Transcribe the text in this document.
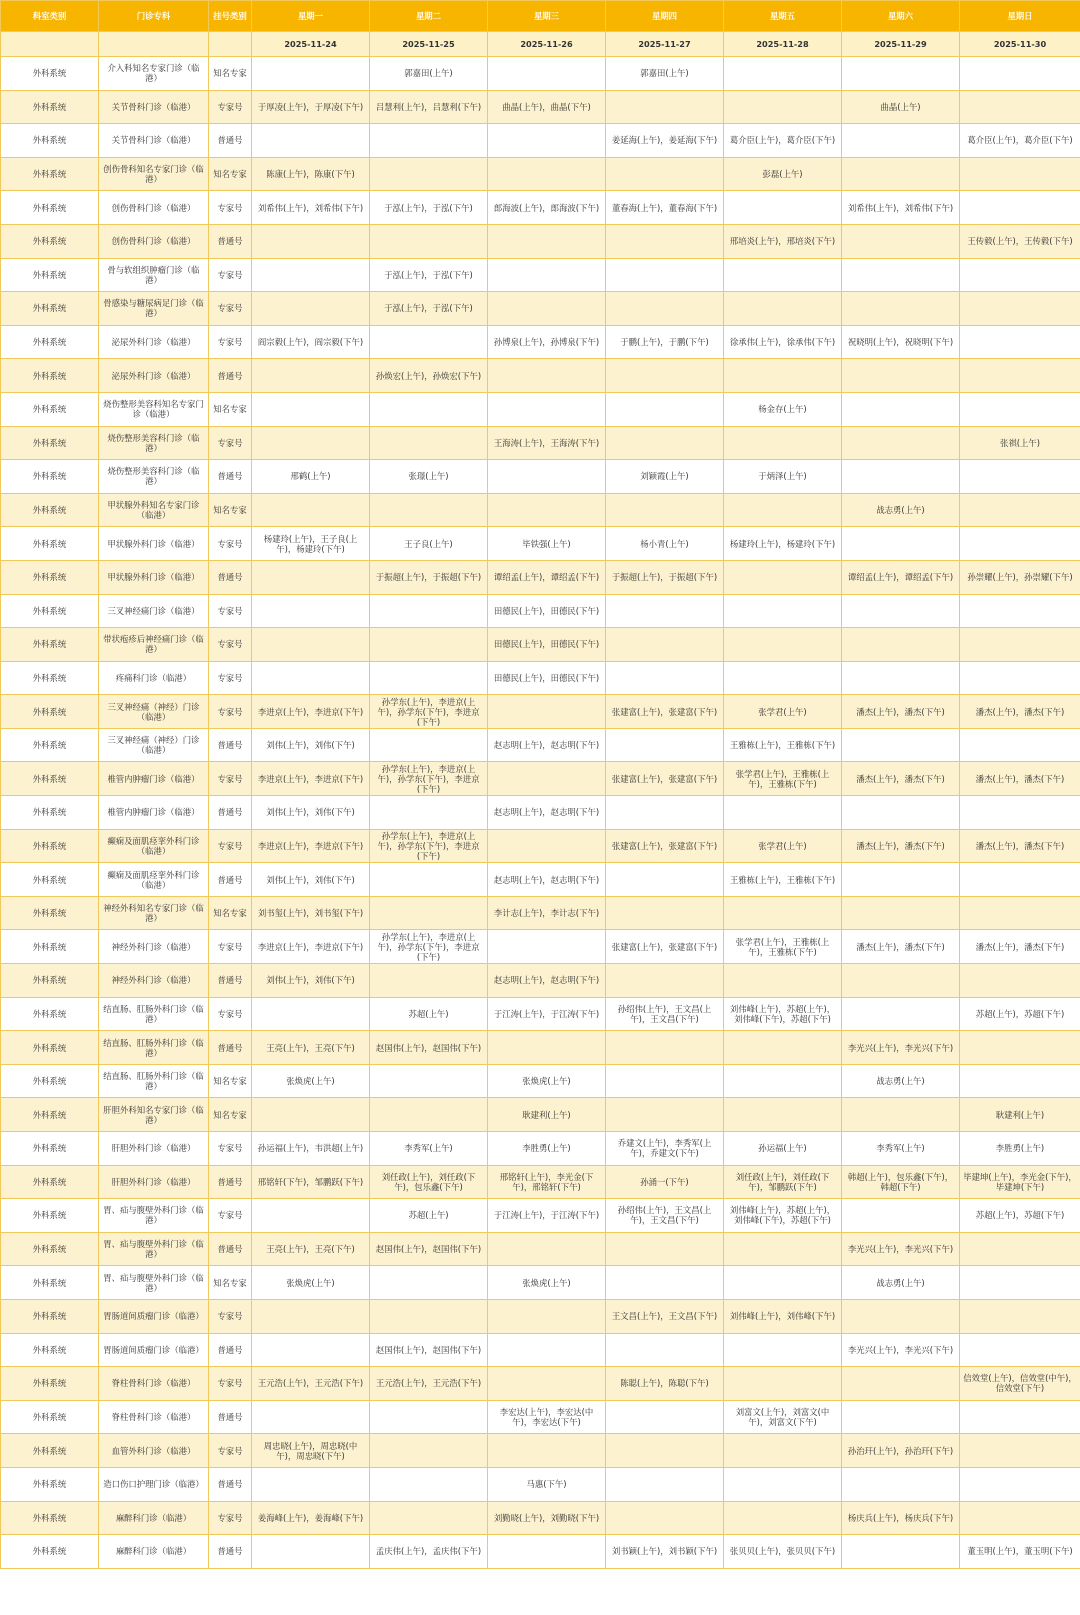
科室类别	门诊专科	挂号类别	星期一	星期二	星期三	星期四	星期五	星期六	星期日
			2025-11-24	2025-11-25	2025-11-26	2025-11-27	2025-11-28	2025-11-29	2025-11-30
外科系统	介入科知名专家门诊（临港）	知名专家		郭嘉田(上午)		郭嘉田(上午)			
外科系统	关节骨科门诊（临港）	专家号	于厚凌(上午)，于厚凌(下午)	吕慧利(上午)，吕慧利(下午)	曲晶(上午)，曲晶(下午)			曲晶(上午)	
外科系统	关节骨科门诊（临港）	普通号				姜延海(上午)，姜延海(下午)	葛介臣(上午)，葛介臣(下午)		葛介臣(上午)，葛介臣(下午)
外科系统	创伤骨科知名专家门诊（临港）	知名专家	陈康(上午)，陈康(下午)				彭磊(上午)		
外科系统	创伤骨科门诊（临港）	专家号	刘希伟(上午)，刘希伟(下午)	于泓(上午)，于泓(下午)	郎海波(上午)，郎海波(下午)	董春海(上午)，董春海(下午)		刘希伟(上午)，刘希伟(下午)	
外科系统	创伤骨科门诊（临港）	普通号					邢培炎(上午)，邢培炎(下午)		王传毅(上午)，王传毅(下午)
外科系统	骨与软组织肿瘤门诊（临港）	专家号		于泓(上午)，于泓(下午)					
外科系统	骨感染与糖尿病足门诊（临港）	专家号		于泓(上午)，于泓(下午)					
外科系统	泌尿外科门诊（临港）	专家号	阎宗毅(上午)，阎宗毅(下午)		孙博泉(上午)，孙博泉(下午)	于鹏(上午)，于鹏(下午)	徐承伟(上午)，徐承伟(下午)	祝晓明(上午)，祝晓明(下午)	
外科系统	泌尿外科门诊（临港）	普通号		孙焕宏(上午)，孙焕宏(下午)					
外科系统	烧伤整形美容科知名专家门诊（临港）	知名专家					杨金存(上午)		
外科系统	烧伤整形美容科门诊（临港）	专家号			王海涛(上午)，王海涛(下午)				张祺(上午)
外科系统	烧伤整形美容科门诊（临港）	普通号	邢鹤(上午)	张璟(上午)		刘颖霞(上午)	于炳泽(上午)		
外科系统	甲状腺外科知名专家门诊（临港）	知名专家						战志勇(上午)	
外科系统	甲状腺外科门诊（临港）	专家号	杨建玲(上午)，王子良(上午)，杨建玲(下午)	王子良(上午)	毕铁强(上午)	杨小青(上午)	杨建玲(上午)，杨建玲(下午)		
外科系统	甲状腺外科门诊（临港）	普通号		于振超(上午)，于振超(下午)	谭绍孟(上午)，谭绍孟(下午)	于振超(上午)，于振超(下午)		谭绍孟(上午)，谭绍孟(下午)	孙崇耀(上午)，孙崇耀(下午)
外科系统	三叉神经痛门诊（临港）	专家号			田德民(上午)，田德民(下午)				
外科系统	带状疱疹后神经痛门诊（临港）	专家号			田德民(上午)，田德民(下午)				
外科系统	疼痛科门诊（临港）	专家号			田德民(上午)，田德民(下午)				
外科系统	三叉神经痛（神经）门诊（临港）	专家号	李进京(上午)，李进京(下午)	孙学东(上午)，李进京(上午)，孙学东(下午)，李进京(下午)		张建富(上午)，张建富(下午)	张学君(上午)	潘杰(上午)，潘杰(下午)	潘杰(上午)，潘杰(下午)
外科系统	三叉神经痛（神经）门诊（临港）	普通号	刘伟(上午)，刘伟(下午)		赵志明(上午)，赵志明(下午)		王雅栋(上午)，王雅栋(下午)		
外科系统	椎管内肿瘤门诊（临港）	专家号	李进京(上午)，李进京(下午)	孙学东(上午)，李进京(上午)，孙学东(下午)，李进京(下午)		张建富(上午)，张建富(下午)	张学君(上午)，王雅栋(上午)，王雅栋(下午)	潘杰(上午)，潘杰(下午)	潘杰(上午)，潘杰(下午)
外科系统	椎管内肿瘤门诊（临港）	普通号	刘伟(上午)，刘伟(下午)		赵志明(上午)，赵志明(下午)				
外科系统	癫痫及面肌痉挛外科门诊（临港）	专家号	李进京(上午)，李进京(下午)	孙学东(上午)，李进京(上午)，孙学东(下午)，李进京(下午)		张建富(上午)，张建富(下午)	张学君(上午)	潘杰(上午)，潘杰(下午)	潘杰(上午)，潘杰(下午)
外科系统	癫痫及面肌痉挛外科门诊（临港）	普通号	刘伟(上午)，刘伟(下午)		赵志明(上午)，赵志明(下午)		王雅栋(上午)，王雅栋(下午)		
外科系统	神经外科知名专家门诊（临港）	知名专家	刘书玺(上午)，刘书玺(下午)		李计志(上午)，李计志(下午)				
外科系统	神经外科门诊（临港）	专家号	李进京(上午)，李进京(下午)	孙学东(上午)，李进京(上午)，孙学东(下午)，李进京(下午)		张建富(上午)，张建富(下午)	张学君(上午)，王雅栋(上午)，王雅栋(下午)	潘杰(上午)，潘杰(下午)	潘杰(上午)，潘杰(下午)
外科系统	神经外科门诊（临港）	普通号	刘伟(上午)，刘伟(下午)		赵志明(上午)，赵志明(下午)				
外科系统	结直肠、肛肠外科门诊（临港）	专家号		苏超(上午)	于江涛(上午)，于江涛(下午)	孙绍伟(上午)，王文昌(上午)，王文昌(下午)	刘伟峰(上午)，苏超(上午)，刘伟峰(下午)，苏超(下午)		苏超(上午)，苏超(下午)
外科系统	结直肠、肛肠外科门诊（临港）	普通号	王亮(上午)，王亮(下午)	赵国伟(上午)，赵国伟(下午)				李光兴(上午)，李光兴(下午)	
外科系统	结直肠、肛肠外科门诊（临港）	知名专家	张焕虎(上午)		张焕虎(上午)			战志勇(上午)	
外科系统	肝胆外科知名专家门诊（临港）	知名专家			耿建利(上午)				耿建利(上午)
外科系统	肝胆外科门诊（临港）	专家号	孙运福(上午)，韦洪超(上午)	李秀军(上午)	李胜勇(上午)	乔建文(上午)，李秀军(上午)，乔建文(下午)	孙运福(上午)	李秀军(上午)	李胜勇(上午)
外科系统	肝胆外科门诊（临港）	普通号	邢铭轩(下午)，邹鹏跃(下午)	刘任政(上午)，刘任政(下午)，包乐鑫(下午)	邢铭轩(上午)，李光金(下午)，邢铭轩(下午)	孙涌一(下午)	刘任政(上午)，刘任政(下午)，邹鹏跃(下午)	韩超(上午)，包乐鑫(下午)，韩超(下午)	毕建坤(上午)，李光金(下午)，毕建坤(下午)
外科系统	胃、疝与腹壁外科门诊（临港）	专家号		苏超(上午)	于江涛(上午)，于江涛(下午)	孙绍伟(上午)，王文昌(上午)，王文昌(下午)	刘伟峰(上午)，苏超(上午)，刘伟峰(下午)，苏超(下午)		苏超(上午)，苏超(下午)
外科系统	胃、疝与腹壁外科门诊（临港）	普通号	王亮(上午)，王亮(下午)	赵国伟(上午)，赵国伟(下午)				李光兴(上午)，李光兴(下午)	
外科系统	胃、疝与腹壁外科门诊（临港）	知名专家	张焕虎(上午)		张焕虎(上午)			战志勇(上午)	
外科系统	胃肠道间质瘤门诊（临港）	专家号				王文昌(上午)，王文昌(下午)	刘伟峰(上午)，刘伟峰(下午)		
外科系统	胃肠道间质瘤门诊（临港）	普通号		赵国伟(上午)，赵国伟(下午)				李光兴(上午)，李光兴(下午)	
外科系统	脊柱骨科门诊（临港）	专家号	王元浩(上午)，王元浩(下午)	王元浩(上午)，王元浩(下午)		陈聪(上午)，陈聪(下午)			信效堂(上午)，信效堂(中午)，信效堂(下午)
外科系统	脊柱骨科门诊（临港）	普通号			李宏达(上午)，李宏达(中午)，李宏达(下午)		刘富文(上午)，刘富文(中午)，刘富文(下午)		
外科系统	血管外科门诊（临港）	专家号	周忠晓(上午)，周忠晓(中午)，周忠晓(下午)					孙治玕(上午)，孙治玕(下午)	
外科系统	造口伤口护理门诊（临港）	普通号			马惠(下午)				
外科系统	麻醉科门诊（临港）	专家号	姜海峰(上午)，姜海峰(下午)		刘勤晓(上午)，刘勤晓(下午)			杨庆兵(上午)，杨庆兵(下午)	
外科系统	麻醉科门诊（临港）	普通号		孟庆伟(上午)，孟庆伟(下午)		刘书颖(上午)，刘书颖(下午)	张贝贝(上午)，张贝贝(下午)		董玉明(上午)，董玉明(下午)
